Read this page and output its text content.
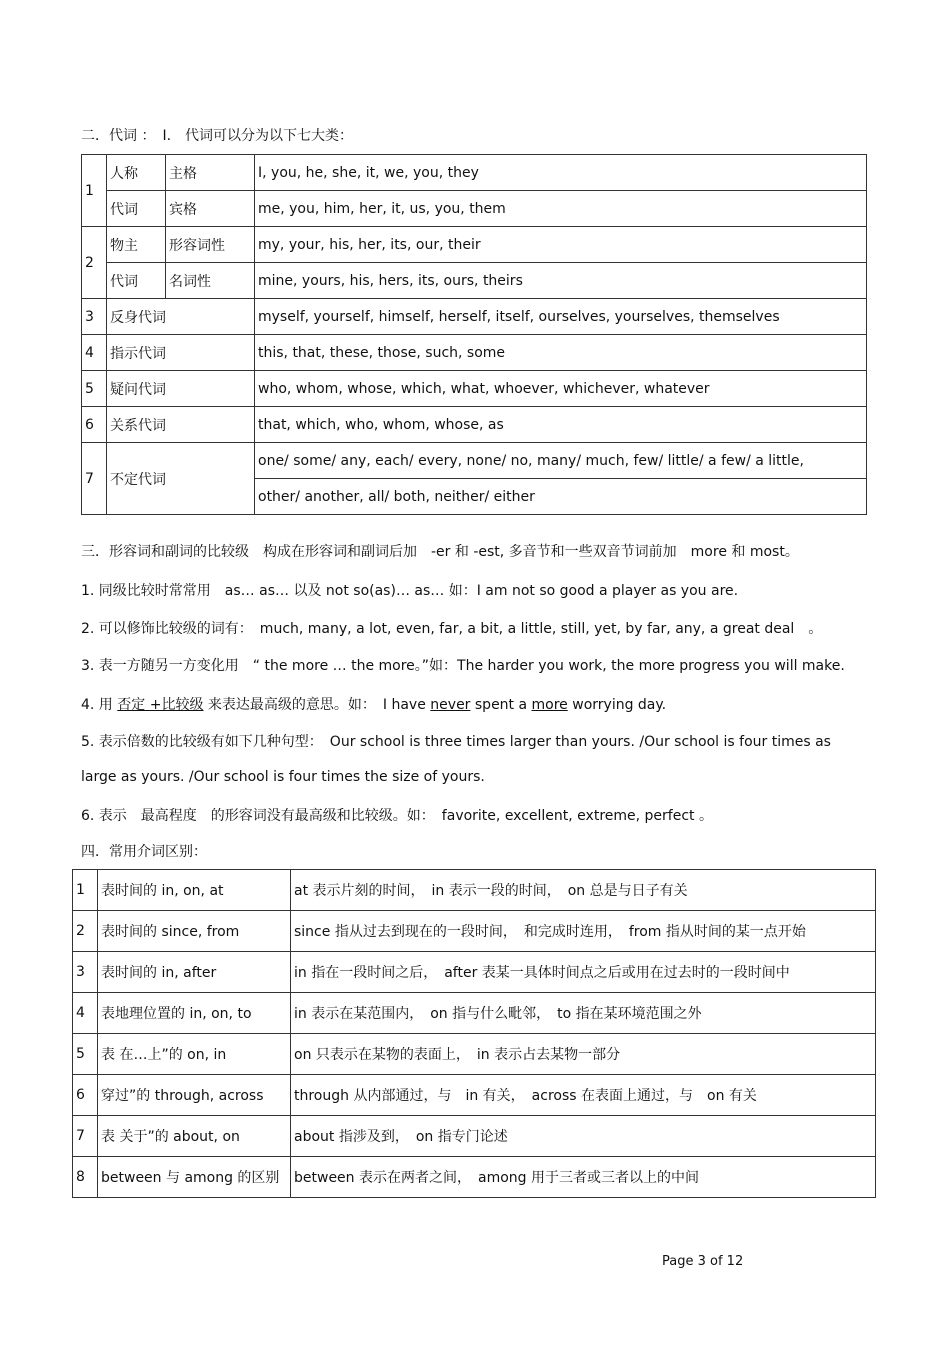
二．代词 ：　I.　代词可以分为以下七大类：
1	人称	主格	I, you, he, she, it, we, you, they
	代词	宾格	me, you, him, her, it, us, you, them
2	物主	形容词性	my, your, his, her, its, our, their
	代词	名词性	mine, yours, his, hers, its, ours, theirs
3	反身代词		myself, yourself, himself, herself, itself, ourselves, yourselves, themselves
4	指示代词		this, that, these, those, such, some
5	疑问代词		who, whom, whose, which, what, whoever, whichever, whatever
6	关系代词		that, which, who, whom, whose, as
7	不定代词		one/ some/ any, each/ every, none/ no, many/ much, few/ little/ a few/ a little,
			other/ another, all/ both, neither/ either
三．形容词和副词的比较级　构成在形容词和副词后加　-er 和 -est, 多音节和一些双音节词前加　more 和 most。
1. 同级比较时常常用　as… as… 以及 not so(as)… as… 如：I am not so good a player as you are.
2. 可以修饰比较级的词有：　much, many, a lot, even, far, a bit, a little, still, yet, by far, any, a great deal　。
3. 表一方随另一方变化用　“ the more … the more。”如：The harder you work, the more progress you will make.
4. 用 否定 +比较级 来表达最高级的意思。如：　I have never spent a more worrying day.
5. 表示倍数的比较级有如下几种句型：　Our school is three times larger than yours. /Our school is four times as
large as yours. /Our school is four times the size of yours.
6. 表示　最高程度　的形容词没有最高级和比较级。如：　favorite, excellent, extreme, perfect 。
四．常用介词区别：
1	表时间的 in, on, at	at 表示片刻的时间，　in 表示一段的时间，　on 总是与日子有关
2	表时间的 since, from	since 指从过去到现在的一段时间，　和完成时连用，　from 指从时间的某一点开始
3	表时间的 in, after	in 指在一段时间之后，　after 表某一具体时间点之后或用在过去时的一段时间中
4	表地理位置的 in, on, to	in 表示在某范围内，　on 指与什么毗邻，　to 指在某环境范围之外
5	表 在…上”的 on, in	on 只表示在某物的表面上，　in 表示占去某物一部分
6	穿过”的 through, across	through 从内部通过，与　in 有关，　across 在表面上通过，与　on 有关
7	表 关于”的 about, on	about 指涉及到，　on 指专门论述
8	between 与 among 的区别	between 表示在两者之间，　among 用于三者或三者以上的中间
Page 3 of 12
